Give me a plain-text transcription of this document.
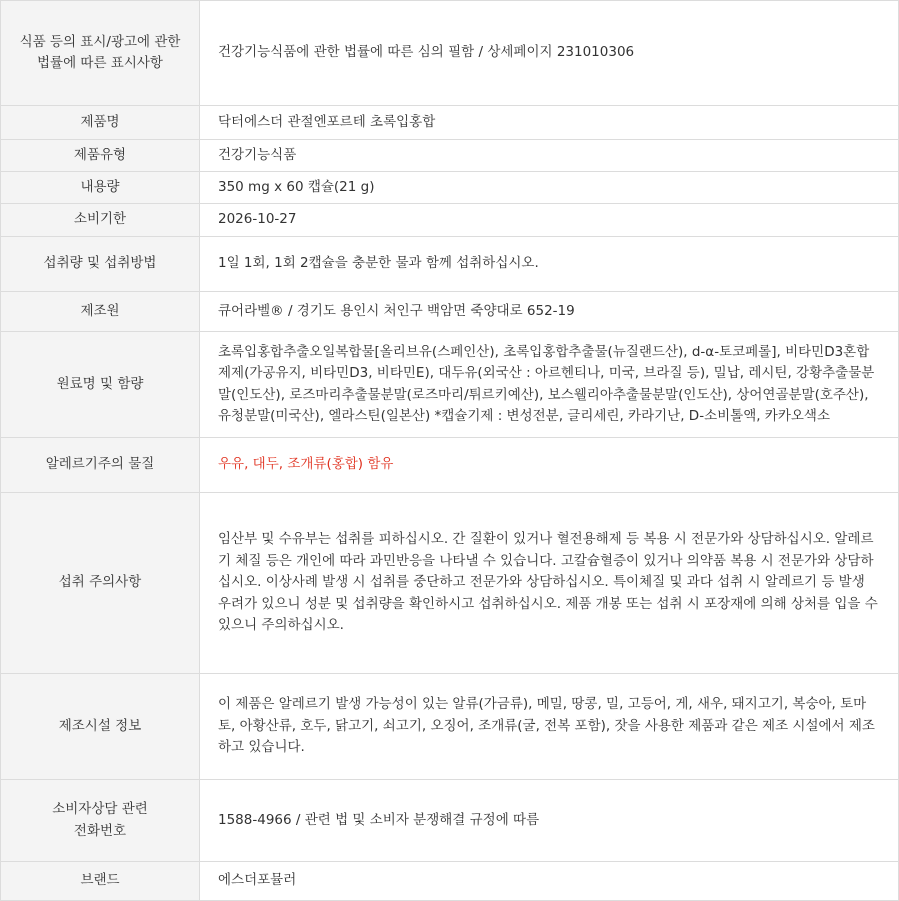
식품 등의 표시/광고에 관한
법률에 따른 표시사항	건강기능식품에 관한 법률에 따른 심의 필함 / 상세페이지 231010306
제품명	닥터에스더 관절엔포르테 초록입홍합
제품유형	건강기능식품
내용량	350 mg x 60 캡슐(21 g)
소비기한	2026-10-27
섭취량 및 섭취방법	1일 1회, 1회 2캡슐을 충분한 물과 함께 섭취하십시오.
제조원	큐어라벨® / 경기도 용인시 처인구 백암면 죽양대로 652-19
원료명 및 함량	초록입홍합추출오일복합물[올리브유(스페인산), 초록입홍합추출물(뉴질랜드산), d-α-토코페롤], 비타민D3혼합제제(가공유지, 비타민D3, 비타민E), 대두유(외국산 : 아르헨티나, 미국, 브라질 등), 밀납, 레시틴, 강황추출물분말(인도산), 로즈마리추출물분말(로즈마리/튀르키예산), 보스웰리아추출물분말(인도산), 상어연골분말(호주산), 유청분말(미국산), 엘라스틴(일본산) *캡슐기제 : 변성전분, 글리세린, 카라기난, D-소비톨액, 카카오색소
알레르기주의 물질	우유, 대두, 조개류(홍합) 함유
섭취 주의사항	임산부 및 수유부는 섭취를 피하십시오. 간 질환이 있거나 혈전용해제 등 복용 시 전문가와 상담하십시오. 알레르기 체질 등은 개인에 따라 과민반응을 나타낼 수 있습니다. 고칼슘혈증이 있거나 의약품 복용 시 전문가와 상담하십시오. 이상사례 발생 시 섭취를 중단하고 전문가와 상담하십시오. 특이체질 및 과다 섭취 시 알레르기 등 발생 우려가 있으니 성분 및 섭취량을 확인하시고 섭취하십시오. 제품 개봉 또는 섭취 시 포장재에 의해 상처를 입을 수 있으니 주의하십시오.
제조시설 정보	이 제품은 알레르기 발생 가능성이 있는 알류(가금류), 메밀, 땅콩, 밀, 고등어, 게, 새우, 돼지고기, 복숭아, 토마토, 아황산류, 호두, 닭고기, 쇠고기, 오징어, 조개류(굴, 전복 포함), 잣을 사용한 제품과 같은 제조 시설에서 제조하고 있습니다.

소비자상담 관련
전화번호	1588-4966 / 관련 법 및 소비자 분쟁해결 규정에 따름
브랜드	에스더포뮬러
